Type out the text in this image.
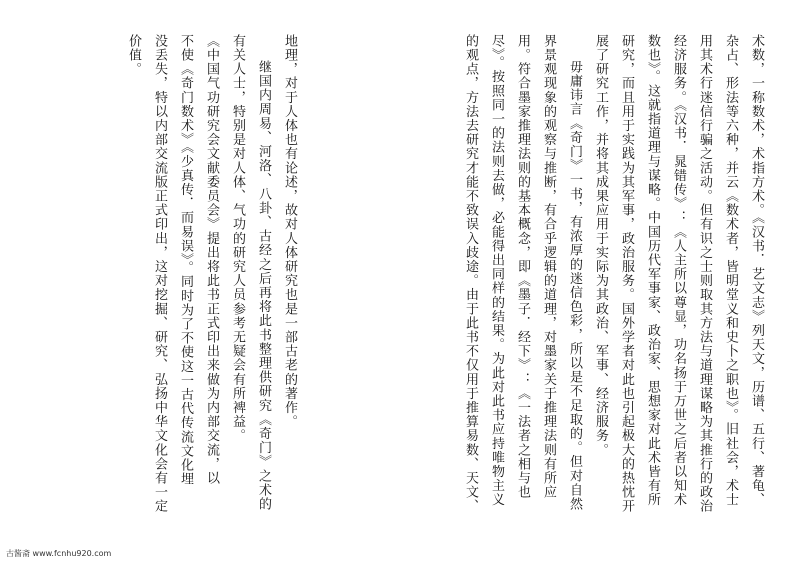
术数，一称数术，术指方术。《汉书．艺文志》列天文，历谱、五行、著龟、
杂占、形法等六种，并云《数术者，皆明堂义和史卜之职也》。旧社会，术士
用其术行迷信行骗之活动。但有识之士则取其方法与道理谋略为其推行的政治
经济服务。《汉书．晁错传》：《人主所以尊显，功名扬于万世之后者以知术
数也》。这就指道理与谋略。中国历代军事家、政治家、思想家对此术皆有所
研究，而且用于实践为其军事，政治服务。国外学者对此也引起极大的热忱开
展了研究工作，并将其成果应用于实际为其政治、军事、经济服务。
毋庸讳言《奇门》一书，有浓厚的迷信色彩，所以是不足取的。但对自然
界景观现象的观察与推断，有合乎逻辑的道理，对墨家关于推理法则有所应
用。符合墨家推理法则的基本概念，即《墨子．经下》：《一法者之相与也
尽》。按照同一的法则去做，必能得出同样的结果。为此对此书应持唯物主义
的观点，方法去研究才能不致误入歧途。由于此书不仅用于推算易数、天文、
地理，对于人体也有论述，故对人体研究也是一部古老的著作。
继国内周易、河洛、八卦、古经之后再将此书整理供研究《奇门》之术的
有关人士，特别是对人体、气功的研究人员参考无疑会有所裨益。
《中国气功研究会文献委员会》提出将此书正式印出来做为内部交流，以
不使《奇门数术》《少真传．而易误》。同时为了不使这一古代传流文化埋
没丢失，特以内部交流版正式印出，这对挖掘、研究、弘扬中华文化会有一定
价值。
古酱斋 www.fcnhu920.com
